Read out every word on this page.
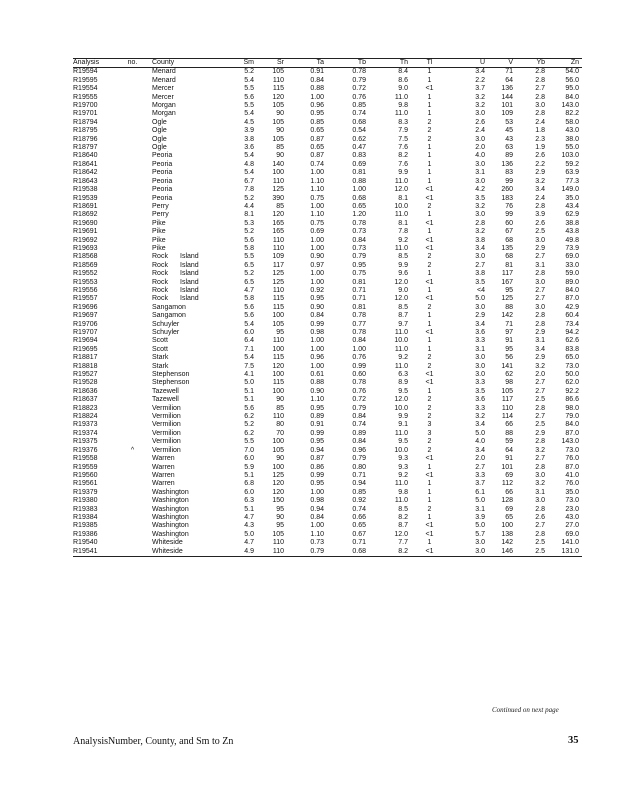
Analysis	no.	County		Sm	Sr	Ta	Tb	Th	Tl	U	V	Yb	Zn
R19594		Menard		5.2	105	0.91	0.78	8.4	1	3.4	71	2.8	54.0
R19595		Menard		5.4	110	0.84	0.79	8.6	1	2.2	64	2.8	56.0
R19554		Mercer		5.5	115	0.88	0.72	9.0	<1	3.7	136	2.7	95.0
R19555		Mercer		5.6	120	1.00	0.76	11.0	1	3.2	144	2.8	84.0
R19700		Morgan		5.5	105	0.96	0.85	9.8	1	3.2	101	3.0	143.0
R19701		Morgan		5.4	90	0.95	0.74	11.0	1	3.0	109	2.8	82.2
R18794		Ogle		4.5	105	0.85	0.68	8.3	2	2.6	53	2.4	58.0
R18795		Ogle		3.9	90	0.65	0.54	7.9	2	2.4	45	1.8	43.0
R18796		Ogle		3.8	105	0.87	0.62	7.5	2	3.0	43	2.3	38.0
R18797		Ogle		3.6	85	0.65	0.47	7.6	1	2.0	63	1.9	55.0
R18640		Peoria		5.4	90	0.87	0.83	8.2	1	4.0	89	2.6	103.0
R18641		Peoria		4.8	140	0.74	0.69	7.6	1	3.0	136	2.2	59.2
R18642		Peoria		5.4	100	1.00	0.81	9.9	1	3.1	83	2.9	63.9
R18643		Peoria		6.7	110	1.10	0.88	11.0	1	3.0	99	3.2	77.3
R19538		Peoria		7.8	125	1.10	1.00	12.0	<1	4.2	260	3.4	149.0
R19539		Peoria		5.2	390	0.75	0.68	8.1	<1	3.5	183	2.4	35.0
R18691		Perry		4.4	85	1.00	0.65	10.0	2	3.2	76	2.8	43.4
R18692		Perry		8.1	120	1.10	1.20	11.0	1	3.0	99	3.9	62.9
R19690		Pike		5.3	165	0.75	0.78	8.1	<1	2.8	60	2.6	38.8
R19691		Pike		5.2	165	0.69	0.73	7.8	1	3.2	67	2.5	43.8
R19692		Pike		5.6	110	1.00	0.84	9.2	<1	3.8	68	3.0	49.8
R19693		Pike		5.8	110	1.00	0.73	11.0	<1	3.4	135	2.9	73.9
R18568		Rock	Island	5.5	109	0.90	0.79	8.5	2	3.0	68	2.7	69.0
R18569		Rock	Island	6.5	117	0.97	0.95	9.9	2	2.7	81	3.1	33.0
R19552		Rock	Island	5.2	125	1.00	0.75	9.6	1	3.8	117	2.8	59.0
R19553		Rock	Island	6.5	125	1.00	0.81	12.0	<1	3.5	167	3.0	89.0
R19556		Rock	Island	4.7	110	0.92	0.71	9.0	1	<4	95	2.7	84.0
R19557		Rock	Island	5.8	115	0.95	0.71	12.0	<1	5.0	125	2.7	87.0
R19696		Sangamon		5.6	115	0.90	0.81	8.5	2	3.0	88	3.0	42.9
R19697		Sangamon		5.6	100	0.84	0.78	8.7	1	2.9	142	2.8	60.4
R19706		Schuyler		5.4	105	0.99	0.77	9.7	1	3.4	71	2.8	73.4
R19707		Schuyler		6.0	95	0.98	0.78	11.0	<1	3.6	97	2.9	94.2
R19694		Scott		6.4	110	1.00	0.84	10.0	1	3.3	91	3.1	62.6
R19695		Scott		7.1	100	1.00	1.00	11.0	1	3.1	95	3.4	83.8
R18817		Stark		5.4	115	0.96	0.76	9.2	2	3.0	56	2.9	65.0
R18818		Stark		7.5	120	1.00	0.99	11.0	2	3.0	141	3.2	73.0
R19527		Stephenson		4.1	100	0.61	0.60	6.3	<1	3.0	62	2.0	50.0
R19528		Stephenson		5.0	115	0.88	0.78	8.9	<1	3.3	98	2.7	62.0
R18636		Tazewell		5.1	100	0.90	0.76	9.5	1	3.5	105	2.7	92.2
R18637		Tazewell		5.1	90	1.10	0.72	12.0	2	3.6	117	2.5	86.6
R18823		Vermilion		5.6	85	0.95	0.79	10.0	2	3.3	110	2.8	98.0
R18824		Vermilion		6.2	110	0.89	0.84	9.9	2	3.2	114	2.7	79.0
R19373		Vermilion		5.2	80	0.91	0.74	9.1	3	3.4	66	2.5	84.0
R19374		Vermilion		6.2	70	0.99	0.89	11.0	3	5.0	88	2.9	87.0
R19375		Vermilion		5.5	100	0.95	0.84	9.5	2	4.0	59	2.8	143.0
R19376	^	Vermilion		7.0	105	0.94	0.96	10.0	2	3.4	64	3.2	73.0
R19558		Warren		6.0	90	0.87	0.79	9.3	<1	2.0	91	2.7	76.0
R19559		Warren		5.9	100	0.86	0.80	9.3	1	2.7	101	2.8	87.0
R19560		Warren		5.1	125	0.99	0.71	9.2	<1	3.3	69	3.0	41.0
R19561		Warren		6.8	120	0.95	0.94	11.0	1	3.7	112	3.2	76.0
R19379		Washington		6.0	120	1.00	0.85	9.8	1	6.1	66	3.1	35.0
R19380		Washington		6.3	150	0.98	0.92	11.0	1	5.0	128	3.0	73.0
R19383		Washington		5.1	95	0.94	0.74	8.5	2	3.1	69	2.8	23.0
R19384		Washington		4.7	90	0.84	0.66	8.2	1	3.9	65	2.6	43.0
R19385		Washington		4.3	95	1.00	0.65	8.7	<1	5.0	100	2.7	27.0
R19386		Washington		5.0	105	1.10	0.67	12.0	<1	5.7	138	2.8	69.0
R19540		Whiteside		4.7	110	0.73	0.71	7.7	1	3.0	142	2.5	141.0
R19541		Whiteside		4.9	110	0.79	0.68	8.2	<1	3.0	146	2.5	131.0
Continued on next page
AnalysisNumber, County, and Sm to Zn	35
